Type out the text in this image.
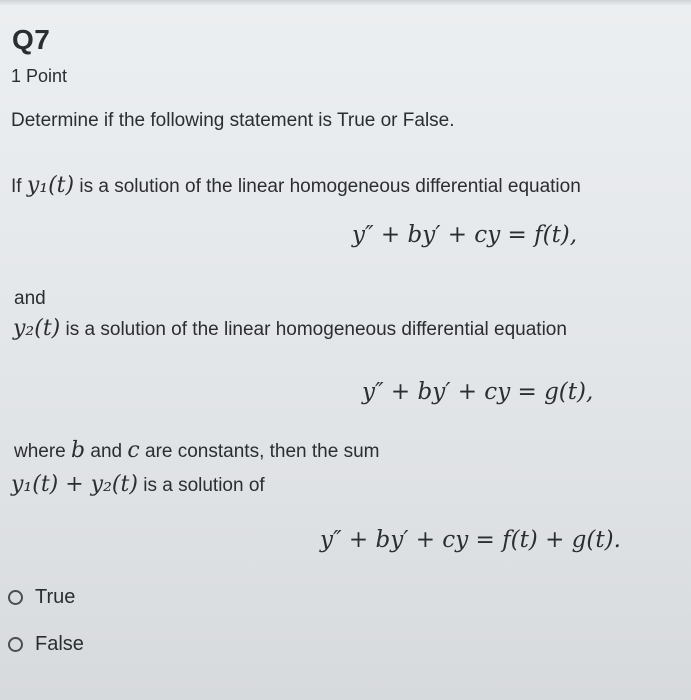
Q7
1 Point
Determine if the following statement is True or False.
If y₁(t) is a solution of the linear homogeneous differential equation
y″ + by′ + cy = f(t),
and
y₂(t) is a solution of the linear homogeneous differential equation
y″ + by′ + cy = g(t),
where b and c are constants, then the sum
y₁(t) + y₂(t) is a solution of
y″ + by′ + cy = f(t) + g(t).
True
False
